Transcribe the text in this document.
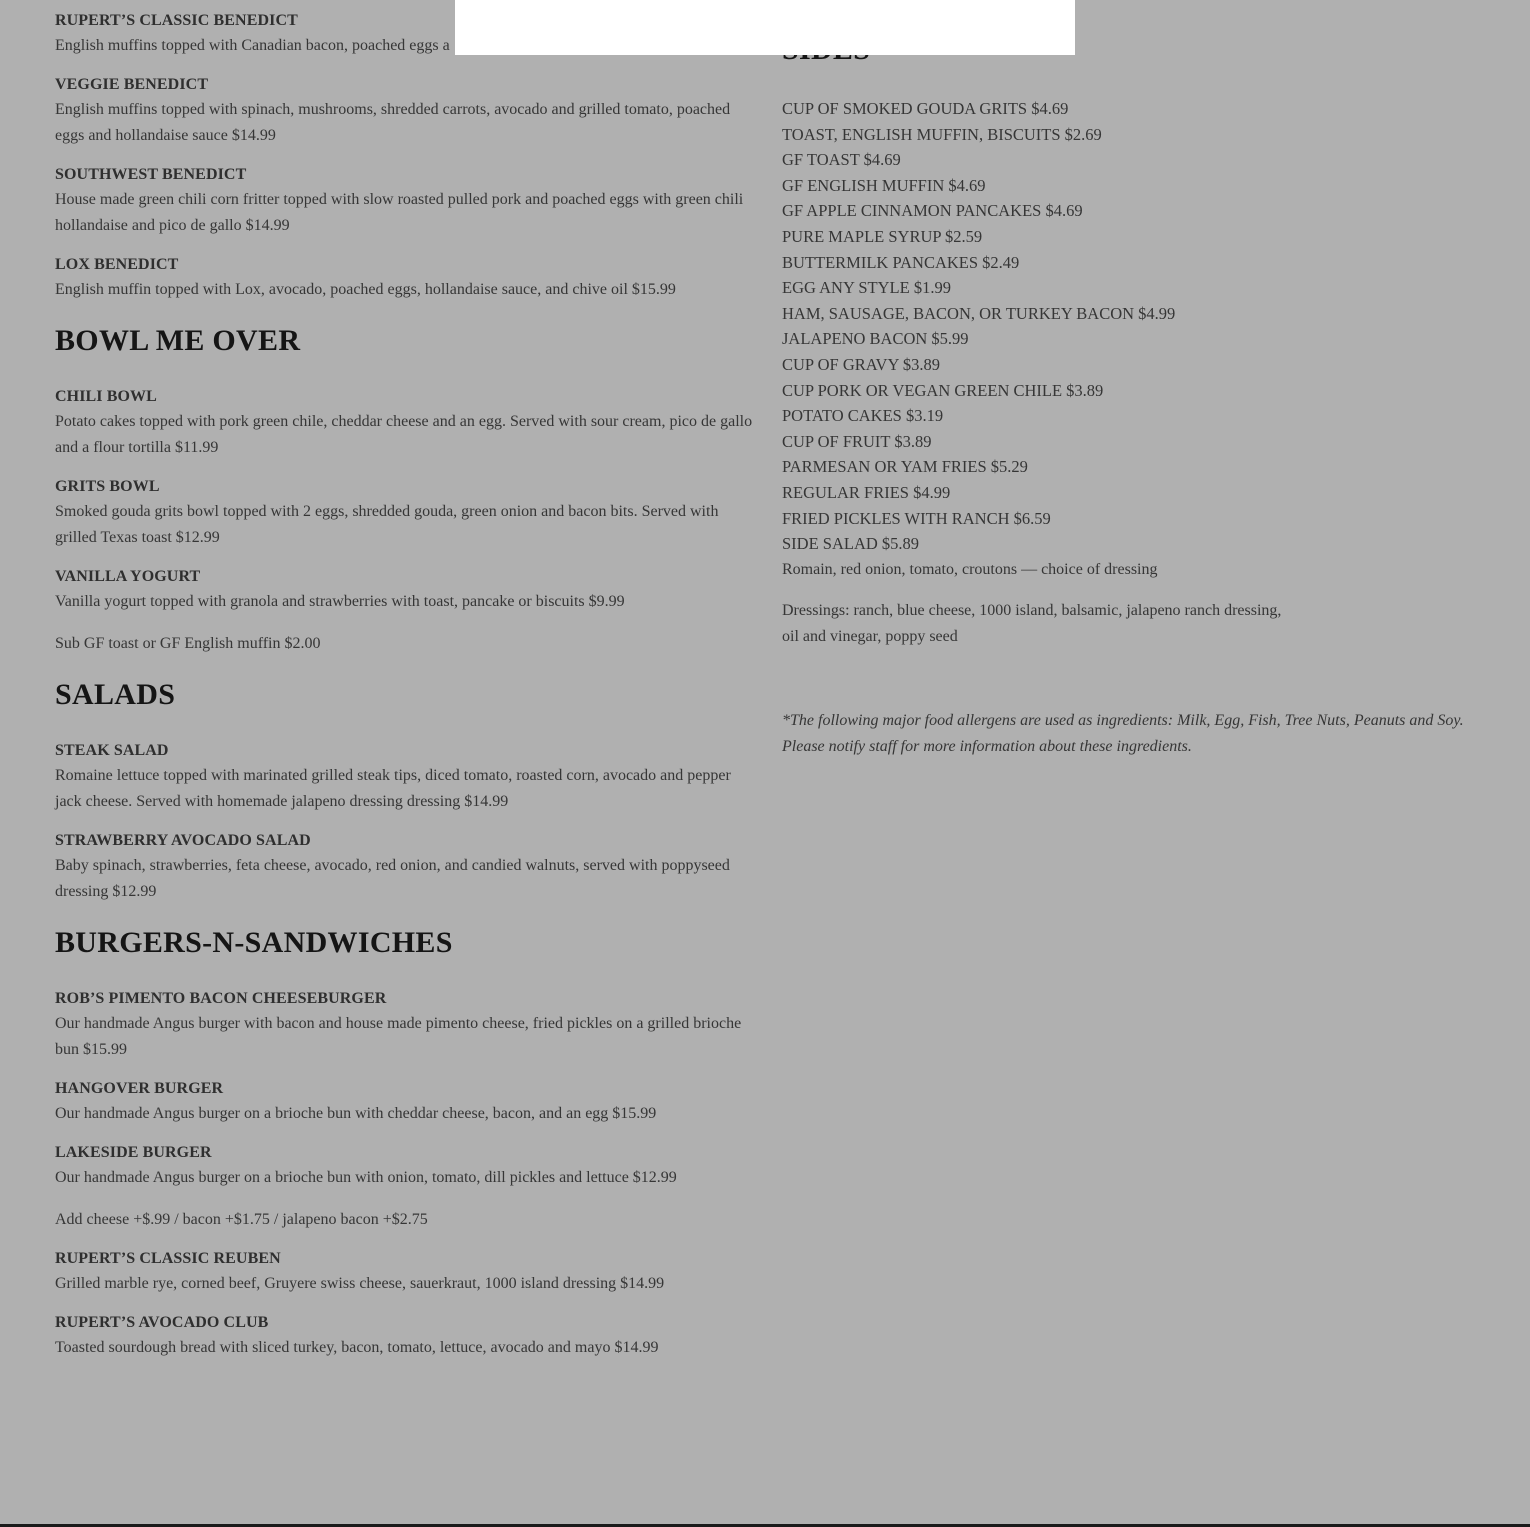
RUPERT’S CLASSIC BENEDICT
English muffins topped with Canadian bacon, poached eggs a
VEGGIE BENEDICT
English muffins topped with spinach, mushrooms, shredded carrots, avocado and grilled tomato, poached eggs and hollandaise sauce $14.99
SOUTHWEST BENEDICT
House made green chili corn fritter topped with slow roasted pulled pork and poached eggs with green chili hollandaise and pico de gallo $14.99
LOX BENEDICT
English muffin topped with Lox, avocado, poached eggs, hollandaise sauce, and chive oil $15.99
BOWL ME OVER
CHILI BOWL
Potato cakes topped with pork green chile, cheddar cheese and an egg. Served with sour cream, pico de gallo and a flour tortilla $11.99
GRITS BOWL
Smoked gouda grits bowl topped with 2 eggs, shredded gouda, green onion and bacon bits. Served with grilled Texas toast $12.99
VANILLA YOGURT
Vanilla yogurt topped with granola and strawberries with toast, pancake or biscuits $9.99
Sub GF toast or GF English muffin $2.00
SALADS
STEAK SALAD
Romaine lettuce topped with marinated grilled steak tips, diced tomato, roasted corn, avocado and pepper jack cheese. Served with homemade jalapeno dressing dressing $14.99
STRAWBERRY AVOCADO SALAD
Baby spinach, strawberries, feta cheese, avocado, red onion, and candied walnuts, served with poppyseed dressing $12.99
BURGERS-N-SANDWICHES
ROB’S PIMENTO BACON CHEESEBURGER
Our handmade Angus burger with bacon and house made pimento cheese, fried pickles on a grilled brioche bun $15.99
HANGOVER BURGER
Our handmade Angus burger on a brioche bun with cheddar cheese, bacon, and an egg $15.99
LAKESIDE BURGER
Our handmade Angus burger on a brioche bun with onion, tomato, dill pickles and lettuce $12.99
Add cheese +$.99 / bacon +$1.75 / jalapeno bacon +$2.75
RUPERT’S CLASSIC REUBEN
Grilled marble rye, corned beef, Gruyere swiss cheese, sauerkraut, 1000 island dressing $14.99
RUPERT’S AVOCADO CLUB
Toasted sourdough bread with sliced turkey, bacon, tomato, lettuce, avocado and mayo $14.99
CUP OF SMOKED GOUDA GRITS $4.69
TOAST, ENGLISH MUFFIN, BISCUITS $2.69
GF TOAST $4.69
GF ENGLISH MUFFIN $4.69
GF APPLE CINNAMON PANCAKES $4.69
PURE MAPLE SYRUP $2.59
BUTTERMILK PANCAKES $2.49
EGG ANY STYLE $1.99
HAM, SAUSAGE, BACON, OR TURKEY BACON $4.99
JALAPENO BACON $5.99
CUP OF GRAVY $3.89
CUP PORK OR VEGAN GREEN CHILE $3.89
POTATO CAKES $3.19
CUP OF FRUIT $3.89
PARMESAN OR YAM FRIES $5.29
REGULAR FRIES $4.99
FRIED PICKLES WITH RANCH $6.59
SIDE SALAD $5.89
Romain, red onion, tomato, croutons — choice of dressing
Dressings: ranch, blue cheese, 1000 island, balsamic, jalapeno ranch dressing, oil and vinegar, poppy seed
*The following major food allergens are used as ingredients: Milk, Egg, Fish, Tree Nuts, Peanuts and Soy. Please notify staff for more information about these ingredients.
